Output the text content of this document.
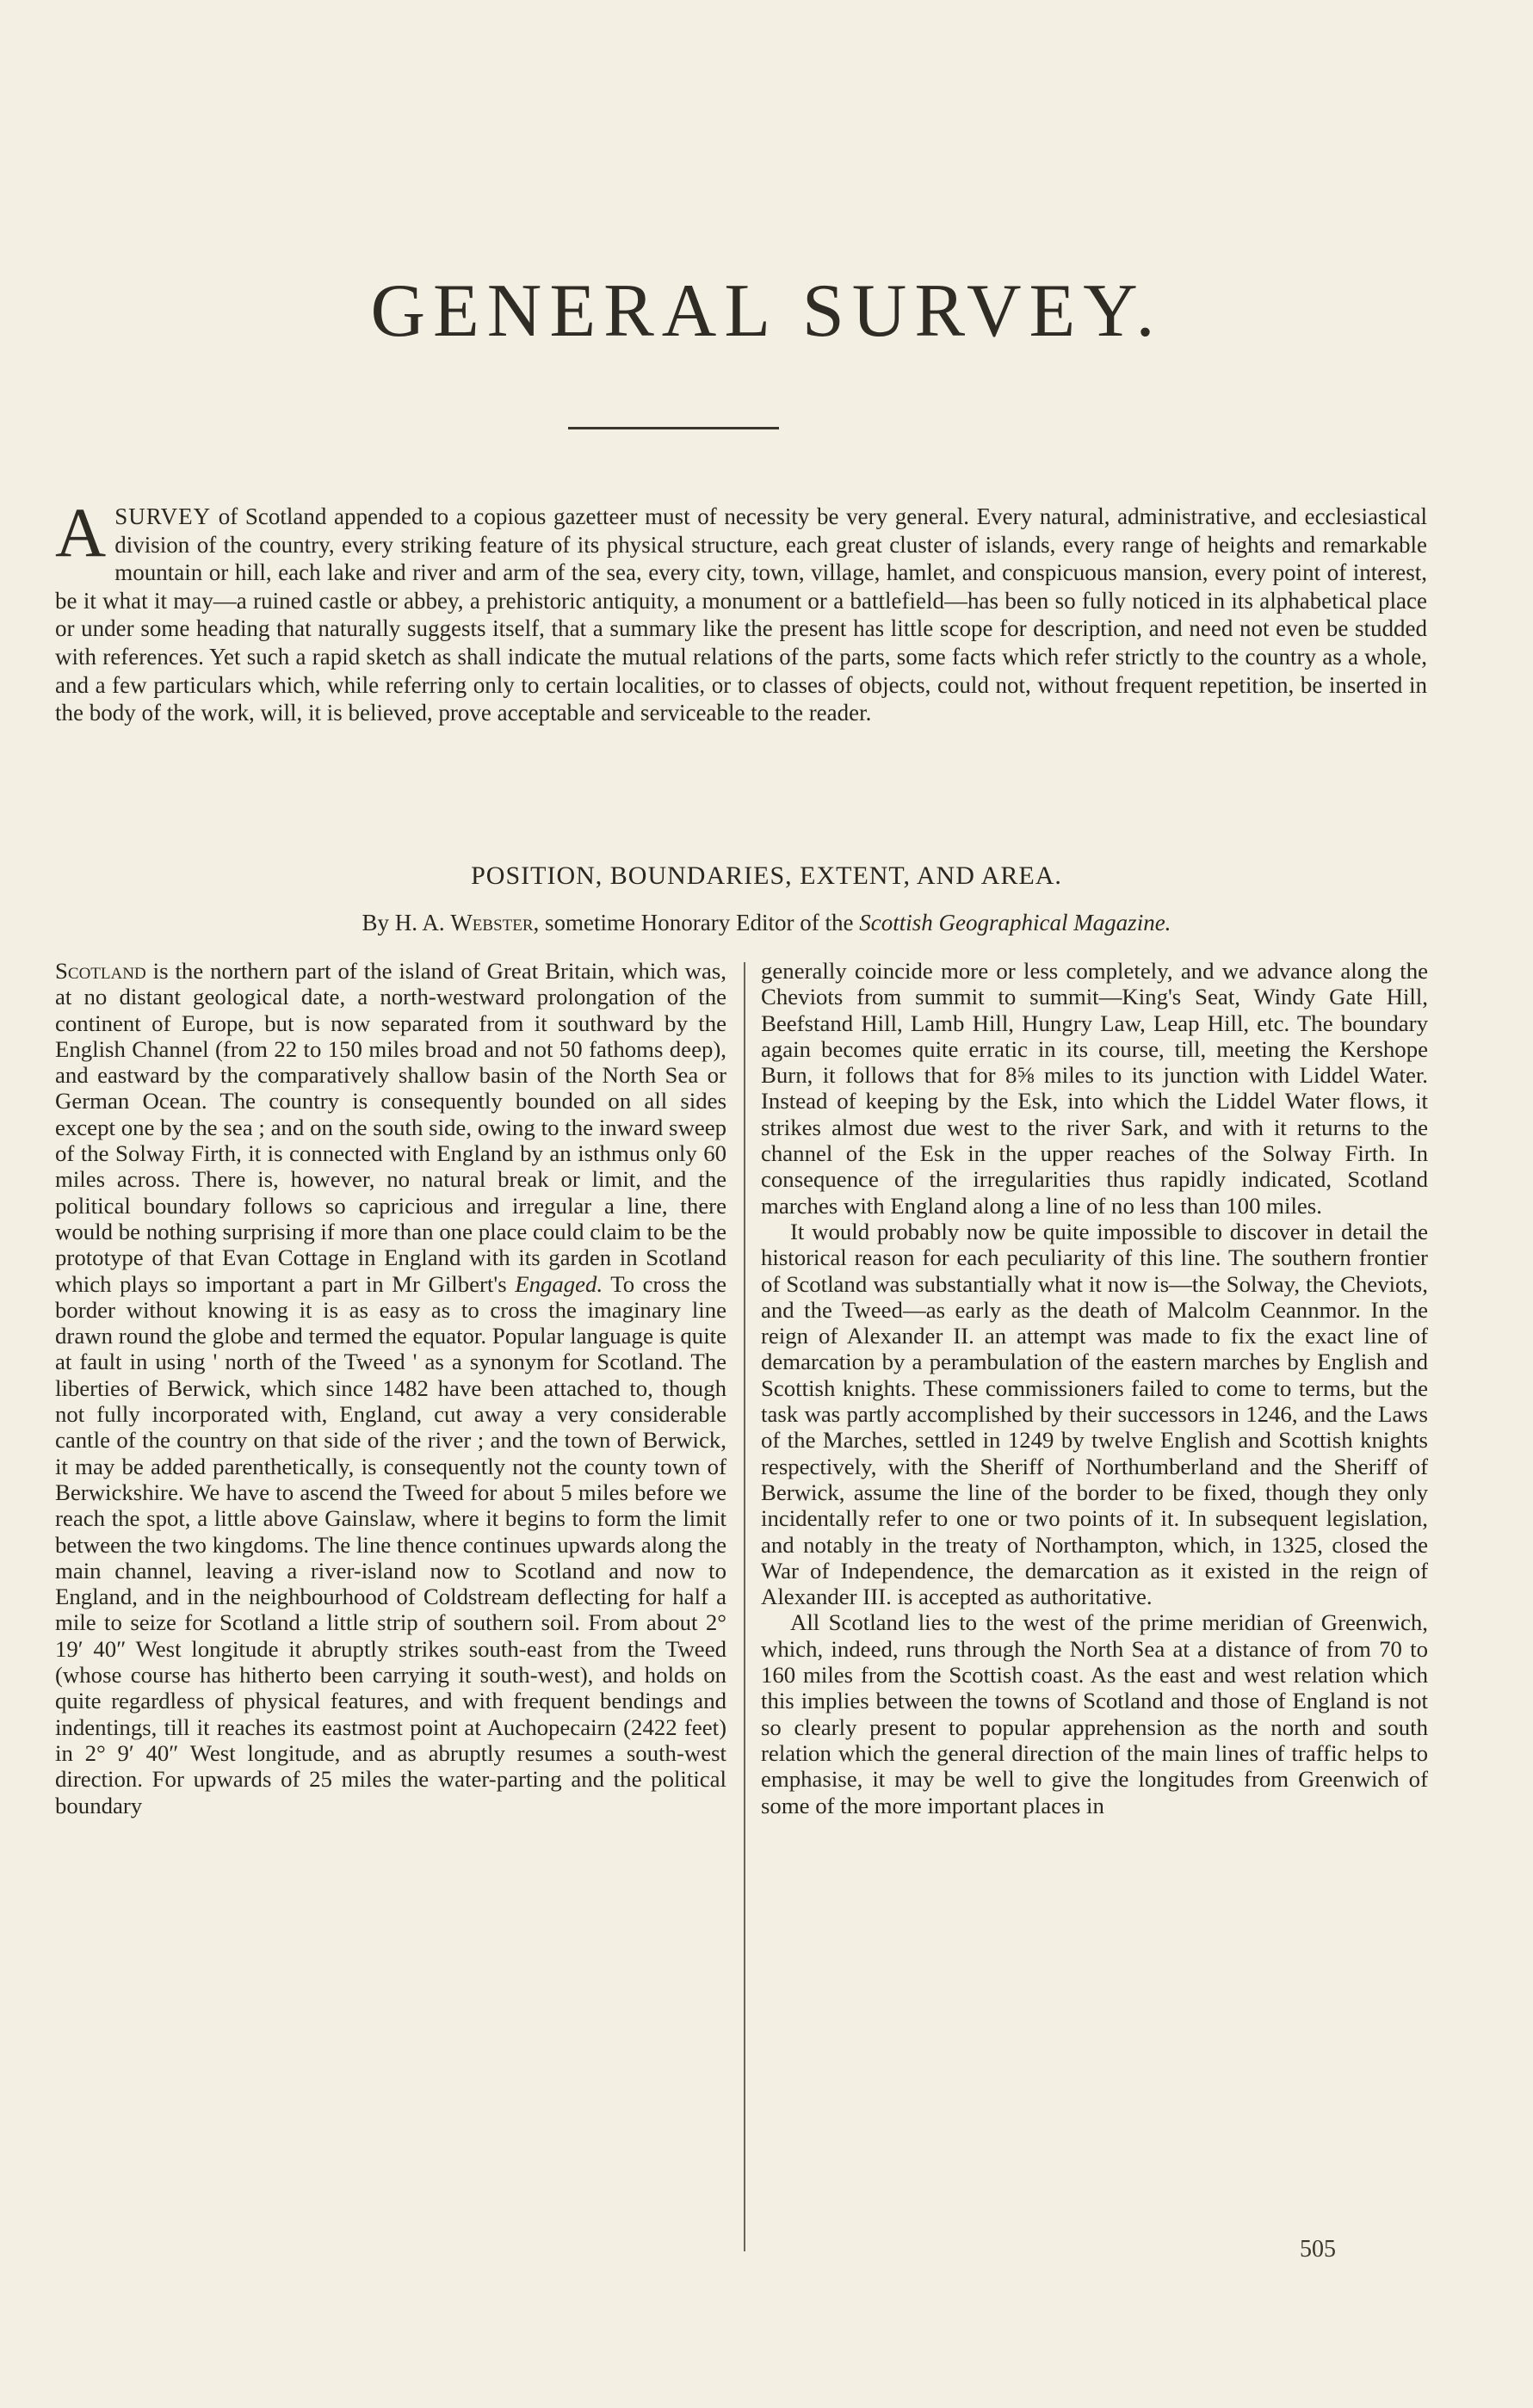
GENERAL SURVEY.

ASURVEY of Scotland appended to a copious gazetteer must of necessity be very general. Every natural, administrative, and ecclesiastical division of the country, every striking feature of its physical structure, each great cluster of islands, every range of heights and remarkable mountain or hill, each lake and river and arm of the sea, every city, town, village, hamlet, and conspicuous mansion, every point of interest, be it what it may—a ruined castle or abbey, a prehistoric antiquity, a monument or a battlefield—has been so fully noticed in its alphabetical place or under some heading that naturally suggests itself, that a summary like the present has little scope for description, and need not even be studded with references. Yet such a rapid sketch as shall indicate the mutual relations of the parts, some facts which refer strictly to the country as a whole, and a few particulars which, while referring only to certain localities, or to classes of objects, could not, without frequent repetition, be inserted in the body of the work, will, it is believed, prove acceptable and serviceable to the reader.

POSITION, BOUNDARIES, EXTENT, AND AREA.

By H. A. Webster, sometime Honorary Editor of the Scottish Geographical Magazine.

Scotland is the northern part of the island of Great Britain, which was, at no distant geological date, a north-westward prolongation of the continent of Europe, but is now separated from it southward by the English Channel (from 22 to 150 miles broad and not 50 fathoms deep), and eastward by the comparatively shallow basin of the North Sea or German Ocean. The country is consequently bounded on all sides except one by the sea ; and on the south side, owing to the inward sweep of the Solway Firth, it is connected with England by an isthmus only 60 miles across. There is, however, no natural break or limit, and the political boundary follows so capricious and irregular a line, there would be nothing surprising if more than one place could claim to be the prototype of that Evan Cottage in England with its garden in Scotland which plays so important a part in Mr Gilbert's Engaged. To cross the border without knowing it is as easy as to cross the imaginary line drawn round the globe and termed the equator. Popular language is quite at fault in using ' north of the Tweed ' as a synonym for Scotland. The liberties of Berwick, which since 1482 have been attached to, though not fully incorporated with, England, cut away a very considerable cantle of the country on that side of the river ; and the town of Berwick, it may be added parenthetically, is consequently not the county town of Berwickshire. We have to ascend the Tweed for about 5 miles before we reach the spot, a little above Gainslaw, where it begins to form the limit between the two kingdoms. The line thence continues upwards along the main channel, leaving a river-island now to Scotland and now to England, and in the neighbourhood of Coldstream deflecting for half a mile to seize for Scotland a little strip of southern soil. From about 2° 19′ 40″ West longitude it abruptly strikes south-east from the Tweed (whose course has hitherto been carrying it south-west), and holds on quite regardless of physical features, and with frequent bendings and indentings, till it reaches its eastmost point at Auchopecairn (2422 feet) in 2° 9′ 40″ West longitude, and as abruptly resumes a south-west direction. For upwards of 25 miles the water-parting and the political boundary

generally coincide more or less completely, and we advance along the Cheviots from summit to summit—King's Seat, Windy Gate Hill, Beefstand Hill, Lamb Hill, Hungry Law, Leap Hill, etc. The boundary again becomes quite erratic in its course, till, meeting the Kershope Burn, it follows that for 8⅝ miles to its junction with Liddel Water. Instead of keeping by the Esk, into which the Liddel Water flows, it strikes almost due west to the river Sark, and with it returns to the channel of the Esk in the upper reaches of the Solway Firth. In consequence of the irregularities thus rapidly indicated, Scotland marches with England along a line of no less than 100 miles.

It would probably now be quite impossible to discover in detail the historical reason for each peculiarity of this line. The southern frontier of Scotland was substantially what it now is—the Solway, the Cheviots, and the Tweed—as early as the death of Malcolm Ceannmor. In the reign of Alexander II. an attempt was made to fix the exact line of demarcation by a perambulation of the eastern marches by English and Scottish knights. These commissioners failed to come to terms, but the task was partly accomplished by their successors in 1246, and the Laws of the Marches, settled in 1249 by twelve English and Scottish knights respectively, with the Sheriff of Northumberland and the Sheriff of Berwick, assume the line of the border to be fixed, though they only incidentally refer to one or two points of it. In subsequent legislation, and notably in the treaty of Northampton, which, in 1325, closed the War of Independence, the demarcation as it existed in the reign of Alexander III. is accepted as authoritative.

All Scotland lies to the west of the prime meridian of Greenwich, which, indeed, runs through the North Sea at a distance of from 70 to 160 miles from the Scottish coast. As the east and west relation which this implies between the towns of Scotland and those of England is not so clearly present to popular apprehension as the north and south relation which the general direction of the main lines of traffic helps to emphasise, it may be well to give the longitudes from Greenwich of some of the more important places in

505
